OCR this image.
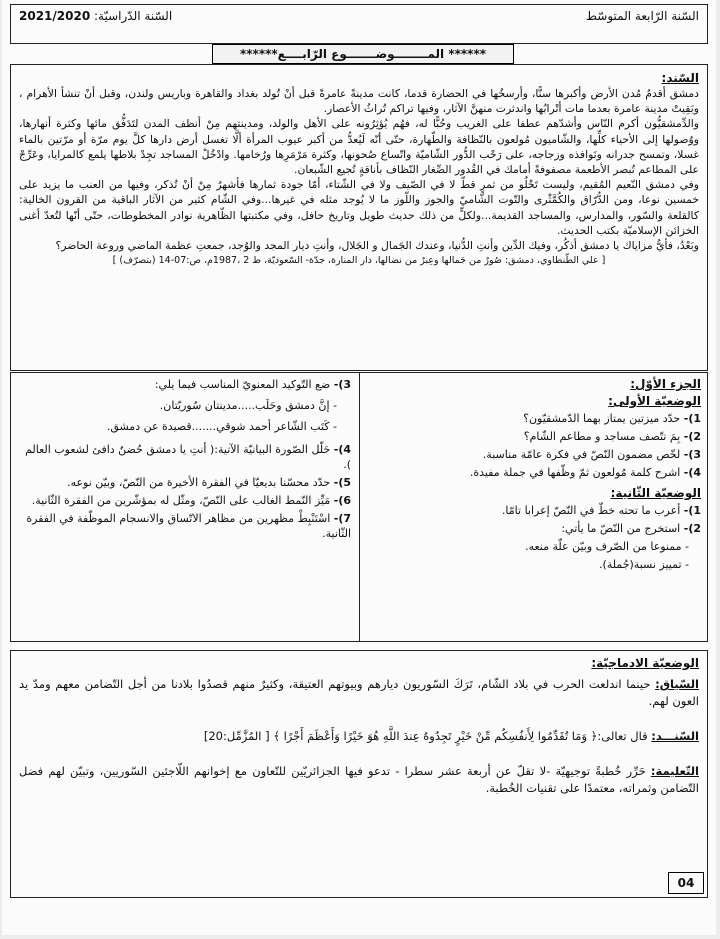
السّنة الرّابعة المتوسّط
السّنة الدّراسيّة: 2021/2020
****** المــــــــوضـــــــوع الرّابــــع******
السّند:

دمشق أقدمُ مُدن الأرض وأكبرها سنًّا، وأرسخُها في الحضارة قدما، كانت مدينةً عامرةً قبل أنْ تُولد بغداد والقاهرة وباريس ولندن، وقبل أنْ تنشأ الأهرام ، وبَقِيتْ مدينة عامرة بعدما مات أتْرابُها واندثرت منهنَّ الآثار، وفيها تراكم تُراثُ الأعصار.

والدِّمشقيُّون أكرم النّاس وأشدّهم عطفا على الغريب وحُبًّا له، فهُم يُؤثِرُونه على الأهل والولد، ومدينتهم مِنْ أنظف المدن لتَدَفُّق مائها وكثرة أنهارها، ووُصولها إلى الأحياء كلِّها، والشّاميون مُولعون بالنّظافة والطّهارة، حتّى أنّه لَيُعدُّ من أكبر عيوب المرأة ألَّا تغسل أرض دارها كلَّ يوم مرّة أو مرّتين بالماء غسلا، وتمسح جدرانه ونَوافذه وزجاجه، على رَحْب الدُّور الشّاميّة واتّساع صُحونها، وكثرة مَرْمَرِها ورُخامها. وادْخُلْ المساجد تجِدْ بلاطها يلمع كالمرايا، وعَرِّجْ على المطاعم تُبصر الأطعمة مصفوفةً أمامك في القُدور الصِّغار النّظاف بأناقةٍ تُجيع الشّبعان.

وفي دمشق النّعيم المُقيم، وليست تَخْلُو من ثمرٍ قطّ لا في الصّيف ولا في الشّتاء، أمّا جودة ثمارها فأشهرُ مِنْ أنْ تُذكر، وفيها من العنب ما يزيد على خمسين نوعا، ومن الدُّرّاق والكُمَّثْرى والتّوت الشّاميّ والجوز واللّوز ما لا يُوجد مثله في غيرها...وفي الشّام كثير من الآثار الباقية من القرون الخالية: كالقلعة والسّور، والمدارس، والمساجد القديمة...ولكلٍّ من ذلك حديث طويل وتاريخ حافل، وفي مكتبتها الظّاهرية نوادر المخطوطات، حتّى أنّها لتُعدّ أغنى الخزائن الإسلاميّة بكتب الحديث.

وبَعْدُ، فأيُّ مزاياك يا دمشق أذكُر، وفيك الدِّين وأنتِ الدُّنيا، وعندك الجَمال و الجَلال، وأنتِ ديار المجد والوُجد، جمعتِ عظمة الماضي وروعة الحاضر؟

[ علي الطّنطاوي، دمشق: صُورٌ من جَمالها وعِبرٌ من نضالها، دار المنارة، جدّة- السّعوديّة، ط 2 ،1987م، ص:07-14 (بتصرّف) ]
الجزء الأوّل:
الوضعيّة الأولى:
1)- حدّد ميزتين يمتاز بهما الدّمشقيّون؟
2)- بِمَ تتّصف مساجد و مطاعم الشّام؟
3)- لخّص مضمون النّصّ في فكرة عامّة مناسبة.
4)- اشرح كلمة مُولعون ثمّ وظّفها في جملة مفيدة.
الوضعيّة الثّانية:
1)- أعرب ما تحته خطّ في النّصّ إعرابا تامّا.
2)- استخرج من النّصّ ما يأتي:
- ممنوعا من الصّرف وبيّن علّة منعه.
- تمييز نسبة(جُملة).
3)- ضع التّوكيد المعنويّ المناسب فيما يلي:
- إنَّ دمشق وحَلَب.....مدينتان سُوريّتان.
- كَتَب الشّاعر أحمد شوقي.......قصيدة عن دمشق.
4)- حَلّل الصّورة البيانيّة الآتية:( أنتِ يا دمشق حُضنٌ دافئ لشعوب العالم ).
5)- حدّد محسّنا بديعيّا في الفقرة الأخيرة من النّصّ، وبيّن نوعه.
6)- مَيِّز النّمط الغالب على النّصّ، ومثّل له بمؤشّرين من الفقرة الثّانية.
7)- اسْتَنْبِطْ مظهرين من مظاهر الاتّساق والانسجام الموظّفة في الفقرة الثّانية.
الوضعيّة الادماجيّة:

السّياق: حينما اندلعت الحرب في بلاد الشّام، تَرَكَ السّوريون ديارهم وبيوتهم العتيقة، وكثيرٌ منهم قصدُوا بلادنا من أجل التّضامن معهم ومدّ يد العون لهم.

السّنـــد: قال تعالى:﴿ وَمَا تُقَدِّمُوا لِأَنفُسِكُم مِّنْ خَيْرٍ تَجِدُوهُ عِندَ اللَّهِ هُوَ خَيْرًا وَأَعْظَمَ أَجْرًا ﴾ [ المُزَّمِّل:20]

التّعليمة: حَرِّر خُطبةً توجيهيّة -لا تقلّ عن أربعة عشر سطرا - تدعو فيها الجزائريّين للتّعاون مع إخوانهم اللّاجئين السّوريين، وتبيّن لهم فضل التّضامن وثمراته، معتمدًا على تقنيات الخُطبة.

04
